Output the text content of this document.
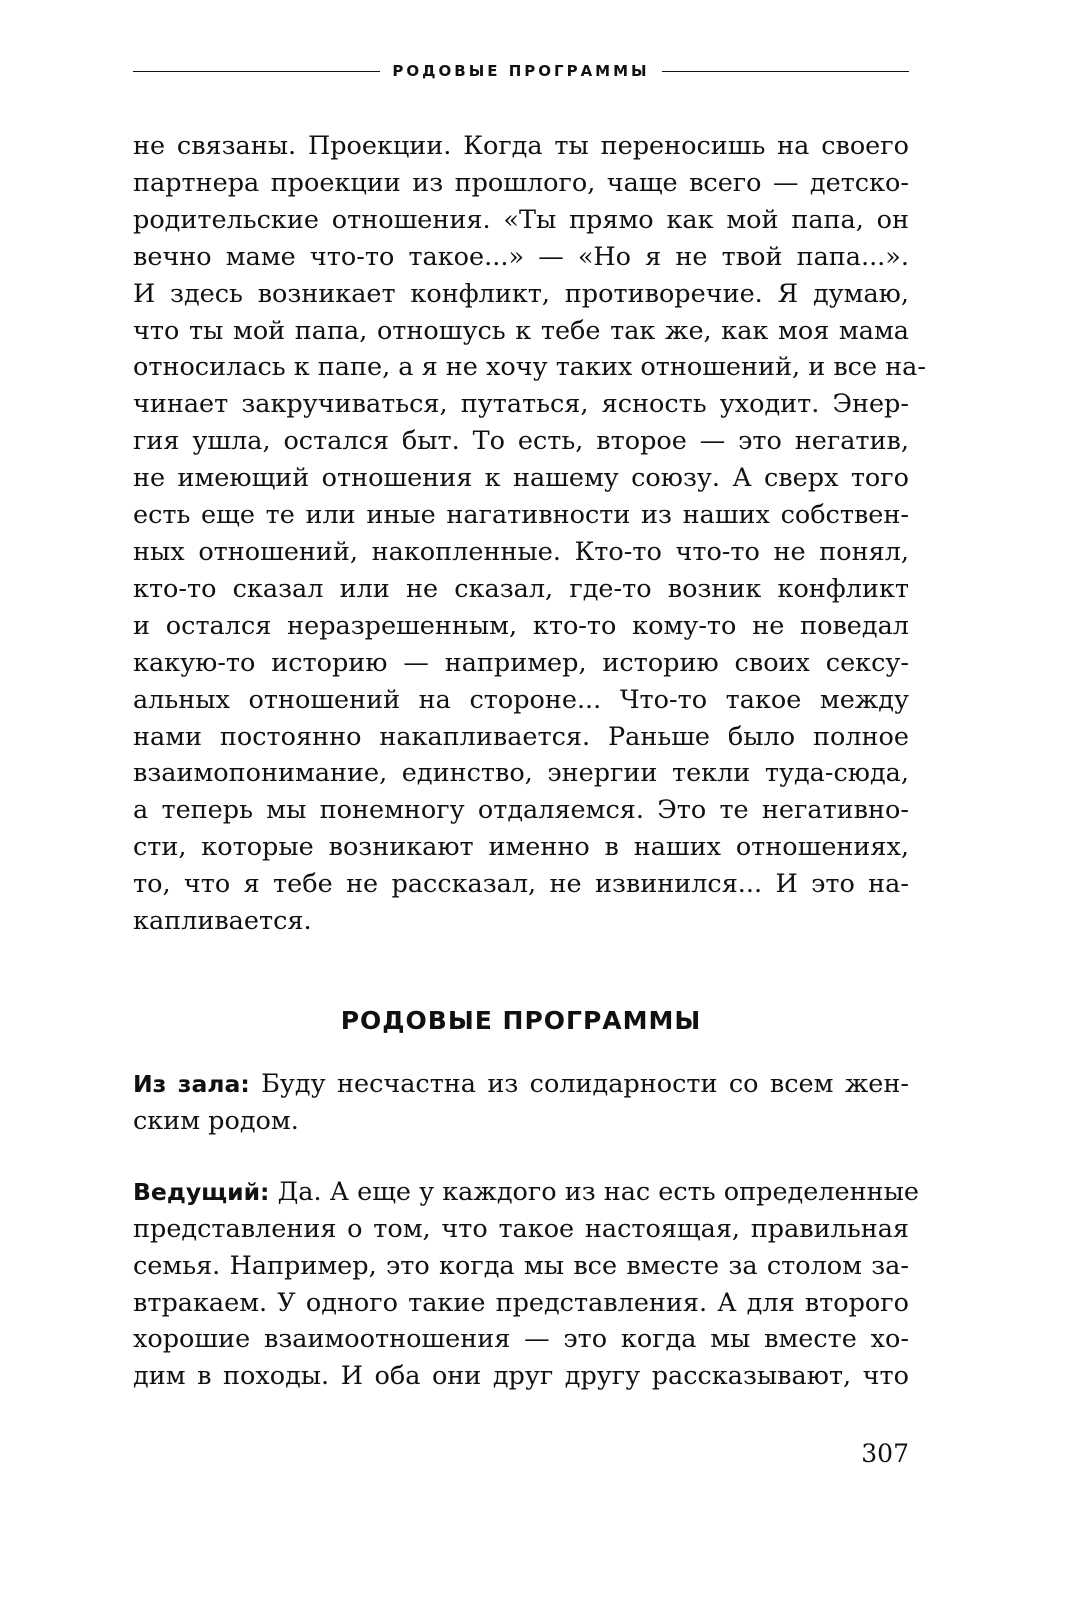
РОДОВЫЕ ПРОГРАММЫ

не связаны. Проекции. Когда ты переносишь на своего
партнера проекции из прошлого, чаще всего — детско-
родительские отношения. «Ты прямо как мой папа, он
вечно маме что-то такое...» — «Но я не твой папа...».
И здесь возникает конфликт, противоречие. Я думаю,
что ты мой папа, отношусь к тебе так же, как моя мама
относилась к папе, а я не хочу таких отношений, и все на-
чинает закручиваться, путаться, ясность уходит. Энер-
гия ушла, остался быт. То есть, второе — это негатив,
не имеющий отношения к нашему союзу. А сверх того
есть еще те или иные нагативности из наших собствен-
ных отношений, накопленные. Кто-то что-то не понял,
кто-то сказал или не сказал, где-то возник конфликт
и остался неразрешенным, кто-то кому-то не поведал
какую-то историю — например, историю своих сексу-
альных отношений на стороне... Что-то такое между
нами постоянно накапливается. Раньше было полное
взаимопонимание, единство, энергии текли туда-сюда,
а теперь мы понемногу отдаляемся. Это те негативно-
сти, которые возникают именно в наших отношениях,
то, что я тебе не рассказал, не извинился... И это на-
капливается.

РОДОВЫЕ ПРОГРАММЫ

Из зала: Буду несчастна из солидарности со всем жен-
ским родом.

Ведущий: Да. А еще у каждого из нас есть определенные
представления о том, что такое настоящая, правильная
семья. Например, это когда мы все вместе за столом за-
втракаем. У одного такие представления. А для второго
хорошие взаимоотношения — это когда мы вместе хо-
дим в походы. И оба они друг другу рассказывают, что

307
